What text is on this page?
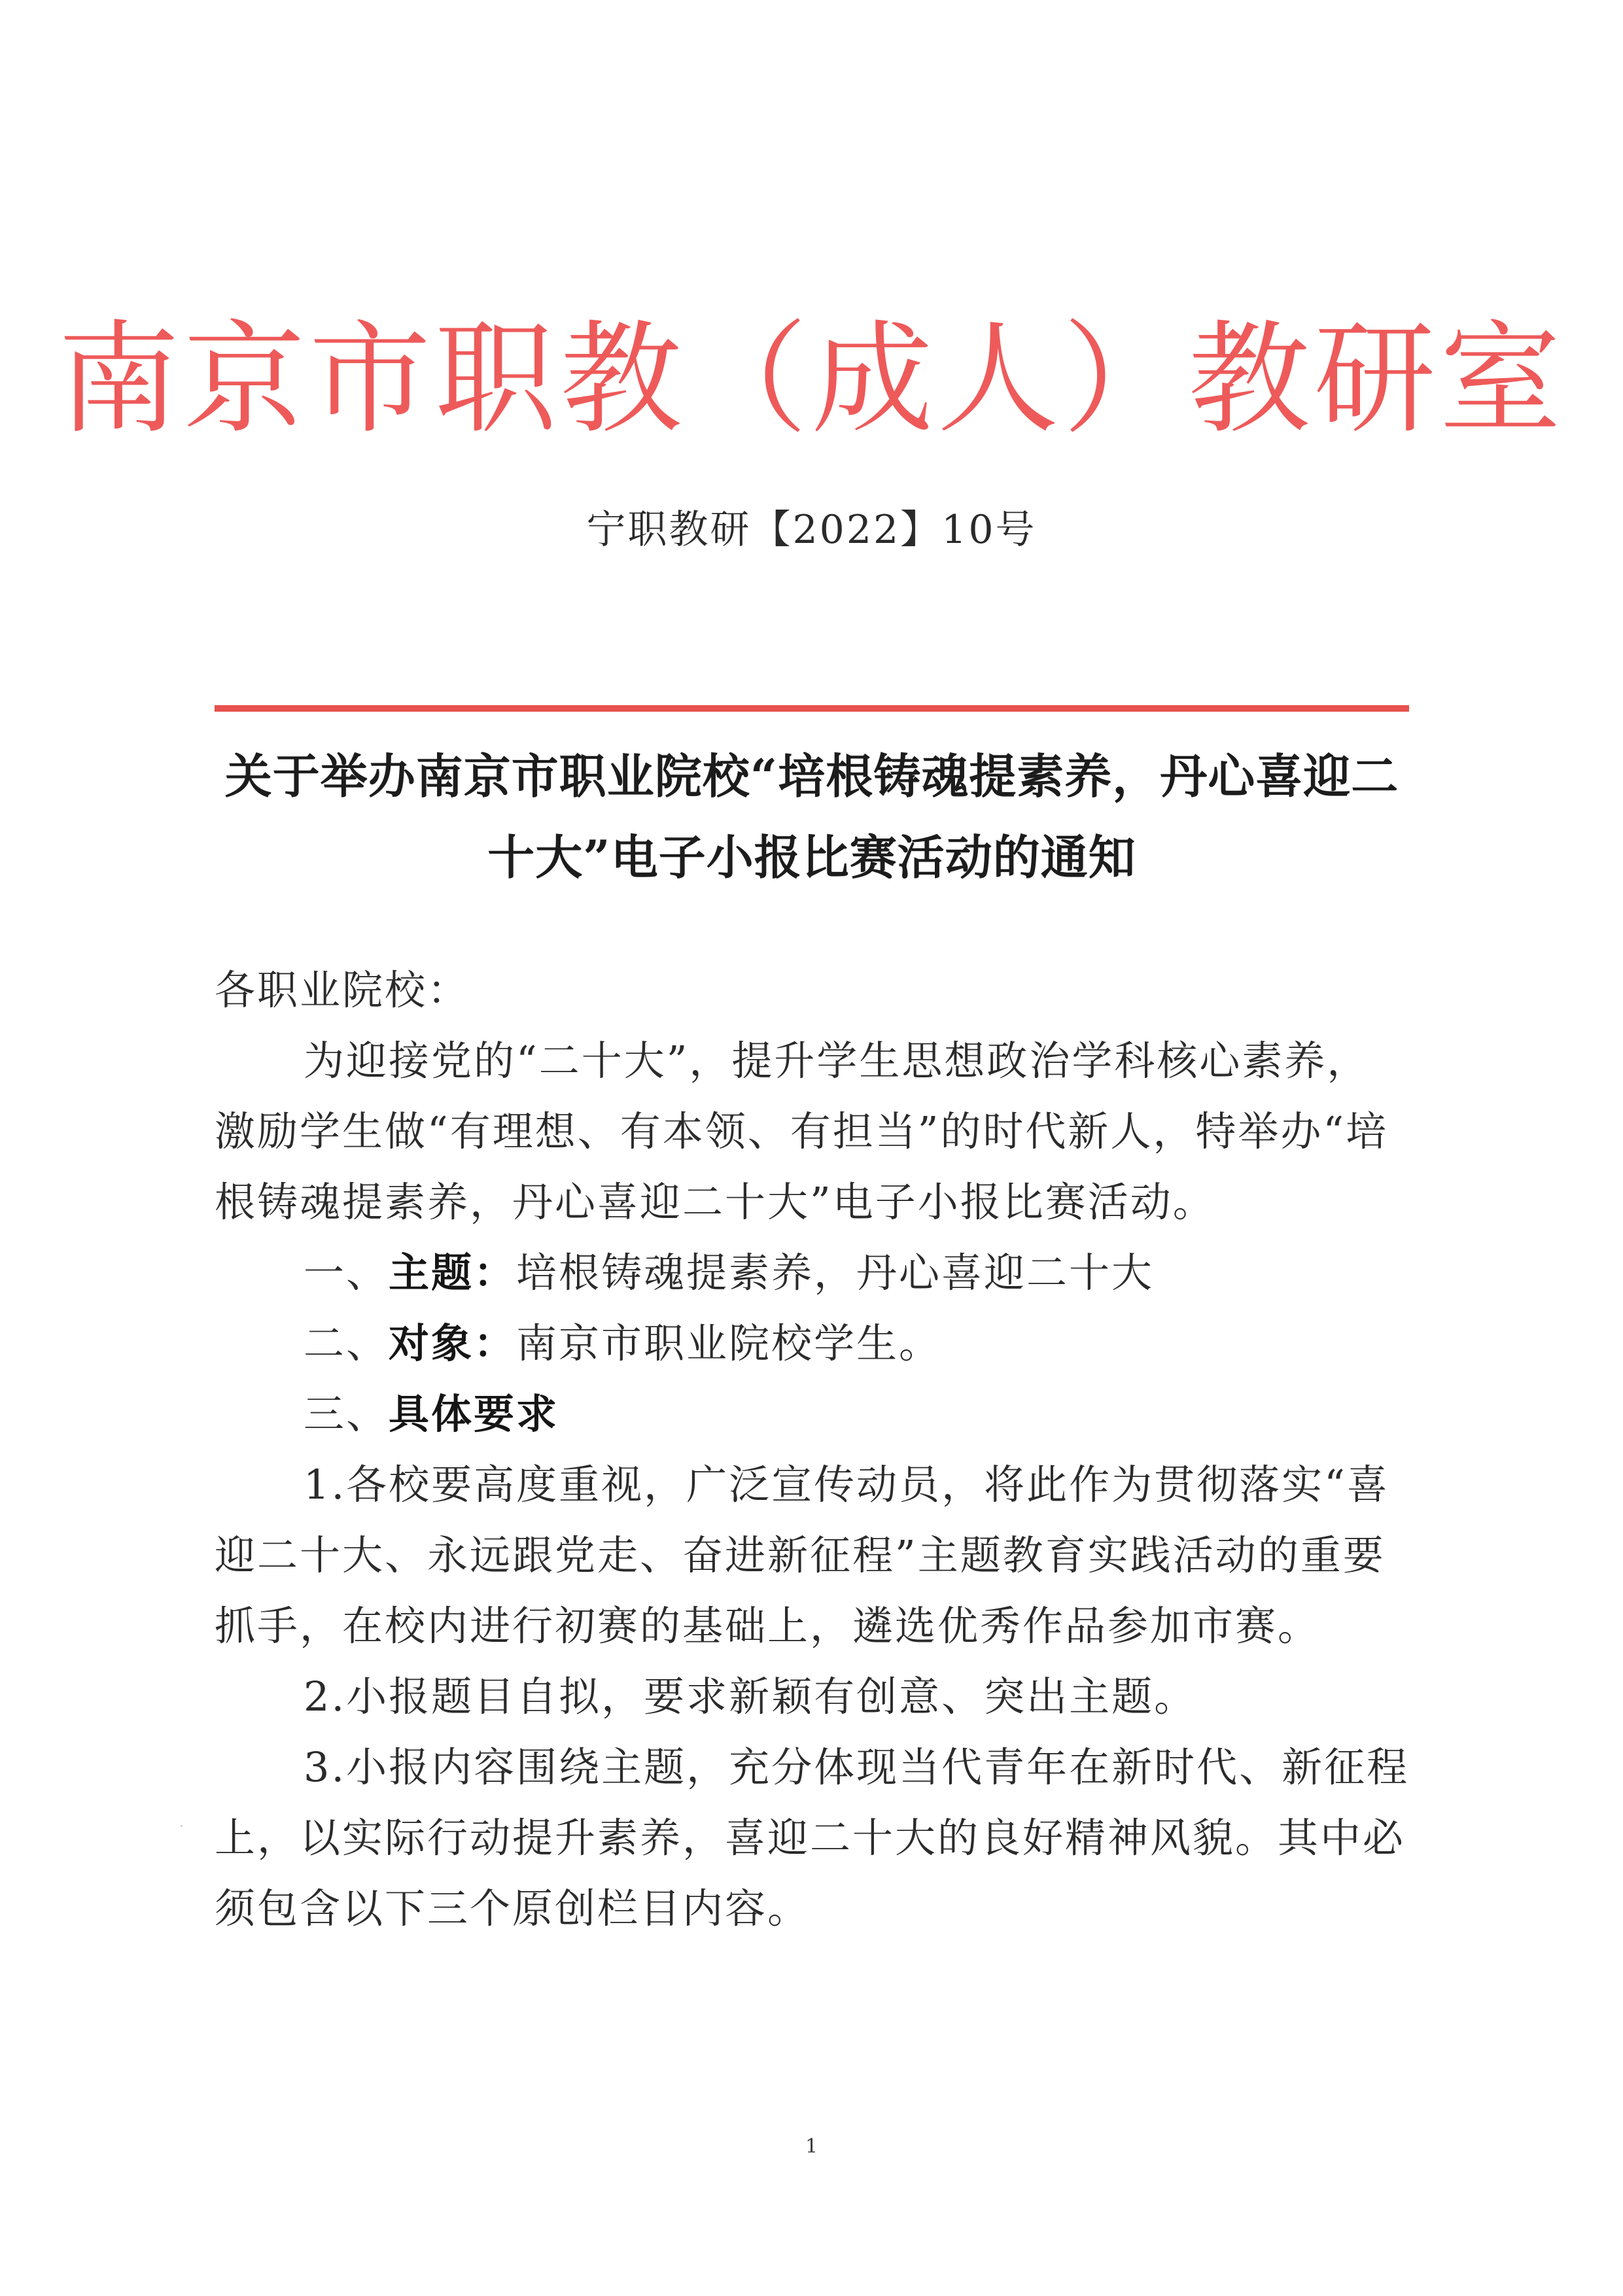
南京市职教（成人）教研室
宁职教研【2022】10号
关于举办南京市职业院校“培根铸魂提素养，丹心喜迎二
十大”电子小报比赛活动的通知

各职业院校：

为迎接党的“二十大”，提升学生思想政治学科核心素养，

激励学生做“有理想、有本领、有担当”的时代新人，特举办“培

根铸魂提素养，丹心喜迎二十大”电子小报比赛活动。

一、主题：培根铸魂提素养，丹心喜迎二十大

二、对象：南京市职业院校学生。

三、具体要求

1.各校要高度重视，广泛宣传动员，将此作为贯彻落实“喜

迎二十大、永远跟党走、奋进新征程”主题教育实践活动的重要

抓手，在校内进行初赛的基础上，遴选优秀作品参加市赛。

2.小报题目自拟，要求新颖有创意、突出主题。

3.小报内容围绕主题，充分体现当代青年在新时代、新征程

上，以实际行动提升素养，喜迎二十大的良好精神风貌。其中必

须包含以下三个原创栏目内容。

1
